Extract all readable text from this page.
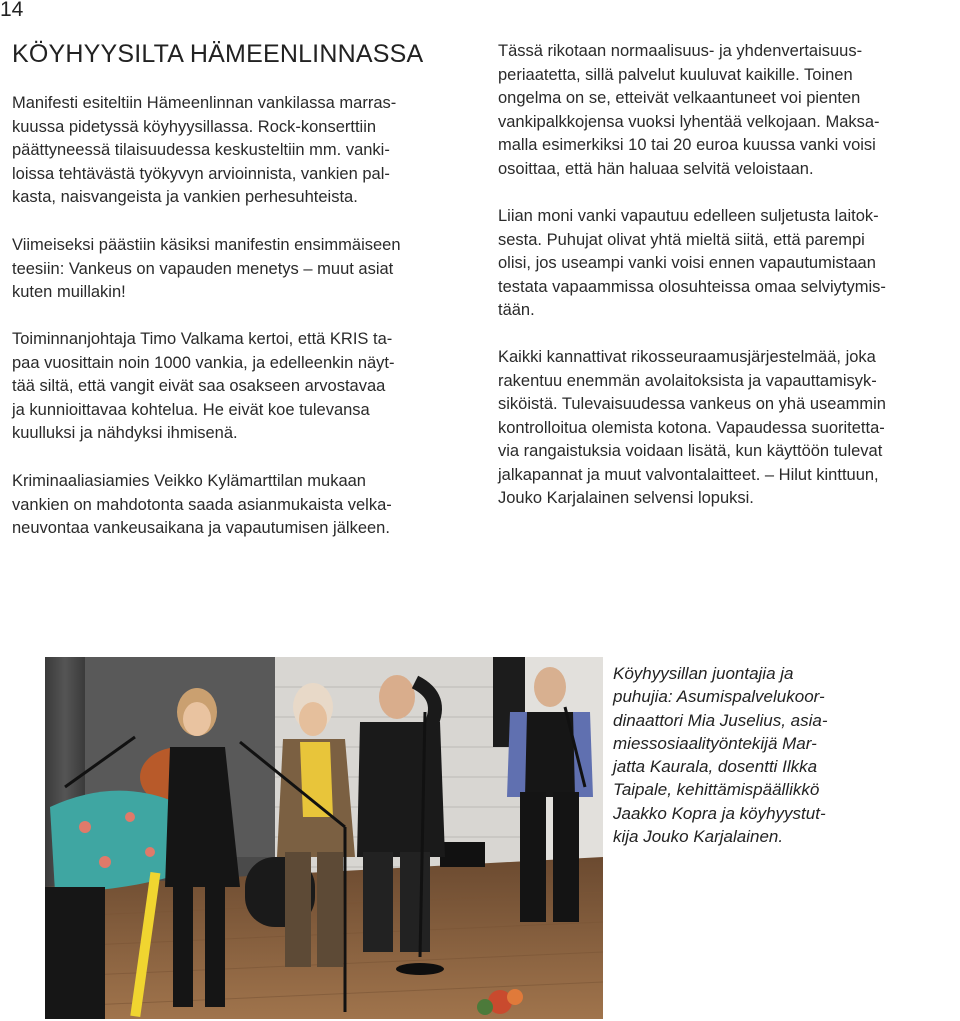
14
KÖYHYYSILTA HÄMEENLINNASSA

Manifesti esiteltiin Hämeenlinnan vankilassa marras-
kuussa pidetyssä köyhyysillassa. Rock-konserttiin
päättyneessä tilaisuudessa keskusteltiin mm. vanki-
loissa tehtävästä työkyvyn arvioinnista, vankien pal-
kasta, naisvangeista ja vankien perhesuhteista.

Viimeiseksi päästiin käsiksi manifestin ensimmäiseen
teesiin: Vankeus on vapauden menetys – muut asiat
kuten muillakin!

Toiminnanjohtaja Timo Valkama kertoi, että KRIS ta-
paa vuosittain noin 1000 vankia, ja edelleenkin näyt-
tää siltä, että vangit eivät saa osakseen arvostavaa
ja kunnioittavaa kohtelua. He eivät koe tulevansa
kuulluksi ja nähdyksi ihmisenä.

Kriminaaliasiamies Veikko Kylämarttilan mukaan
vankien on mahdotonta saada asianmukaista velka-
neuvontaa vankeusaikana ja vapautumisen jälkeen.

Tässä rikotaan normaalisuus- ja yhdenvertaisuus-
periaatetta, sillä palvelut kuuluvat kaikille. Toinen
ongelma on se, etteivät velkaantuneet voi pienten
vankipalkkojensa vuoksi lyhentää velkojaan. Maksa-
malla esimerkiksi 10 tai 20 euroa kuussa vanki voisi
osoittaa, että hän haluaa selvitä veloistaan.

Liian moni vanki vapautuu edelleen suljetusta laitok-
sesta. Puhujat olivat yhtä mieltä siitä, että parempi
olisi, jos useampi vanki voisi ennen vapautumistaan
testata vapaammissa olosuhteissa omaa selviytymis-
tään.

Kaikki kannattivat rikosseuraamusjärjestelmää, joka
rakentuu enemmän avolaitoksista ja vapauttamisyk-
siköistä. Tulevaisuudessa vankeus on yhä useammin
kontrolloitua olemista kotona. Vapaudessa suoritetta-
via rangaistuksia voidaan lisätä, kun käyttöön tulevat
jalkapannat ja muut valvontalaitteet. – Hilut kinttuun,
Jouko Karjalainen selvensi lopuksi.

Köyhyysillan juontajia ja
puhujia: Asumispalvelukoor-
dinaattori Mia Juselius, asia-
miessosiaalityöntekijä Mar-
jatta Kaurala, dosentti Ilkka
Taipale, kehittämispäällikkö
Jaakko Kopra ja köyhyystut-
kija Jouko Karjalainen.
